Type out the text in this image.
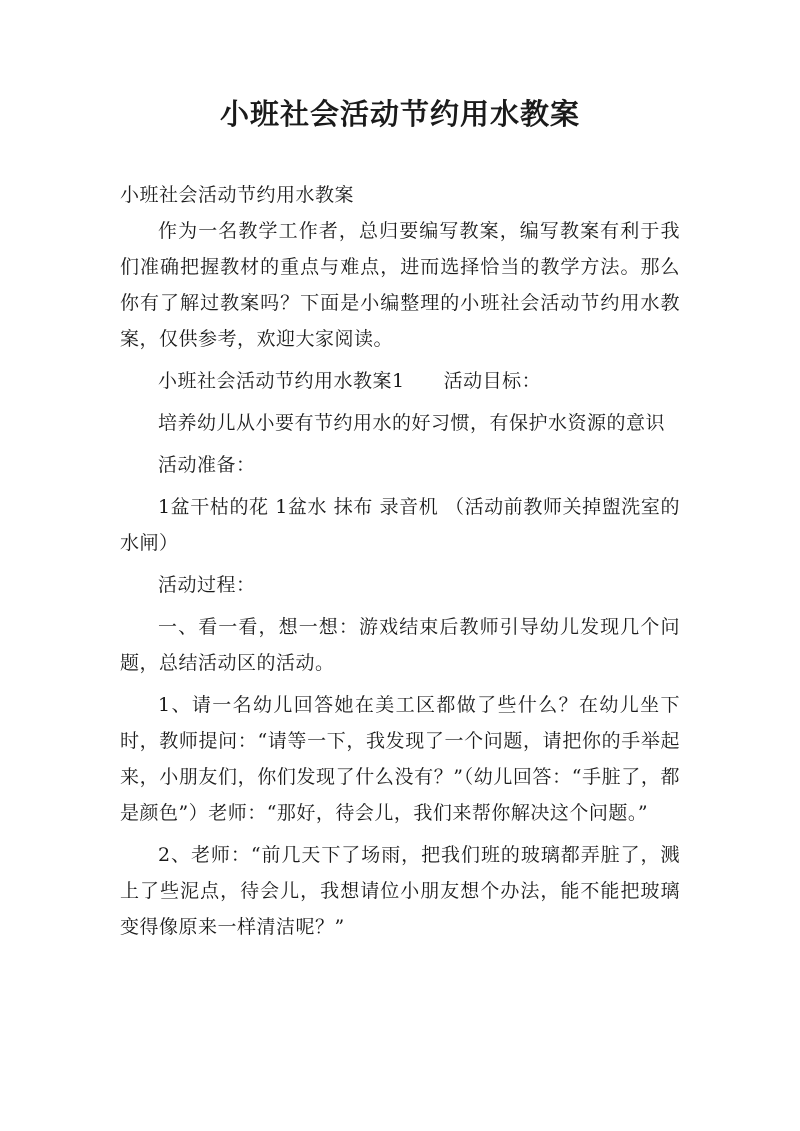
小班社会活动节约用水教案

小班社会活动节约用水教案

作为一名教学工作者，总归要编写教案，编写教案有利于我们准确把握教材的重点与难点，进而选择恰当的教学方法。那么你有了解过教案吗？下面是小编整理的小班社会活动节约用水教案，仅供参考，欢迎大家阅读。

小班社会活动节约用水教案1　　活动目标：

培养幼儿从小要有节约用水的好习惯，有保护水资源的意识

活动准备：

1盆干枯的花 1盆水 抹布 录音机 （活动前教师关掉盥洗室的水闸）

活动过程：

一、看一看，想一想：游戏结束后教师引导幼儿发现几个问题，总结活动区的活动。

1、请一名幼儿回答她在美工区都做了些什么？在幼儿坐下时，教师提问：“请等一下，我发现了一个问题，请把你的手举起来，小朋友们，你们发现了什么没有？”（幼儿回答：“手脏了，都是颜色”）老师：“那好，待会儿，我们来帮你解决这个问题。”

2、老师：“前几天下了场雨，把我们班的玻璃都弄脏了，溅上了些泥点，待会儿，我想请位小朋友想个办法，能不能把玻璃变得像原来一样清洁呢？”
